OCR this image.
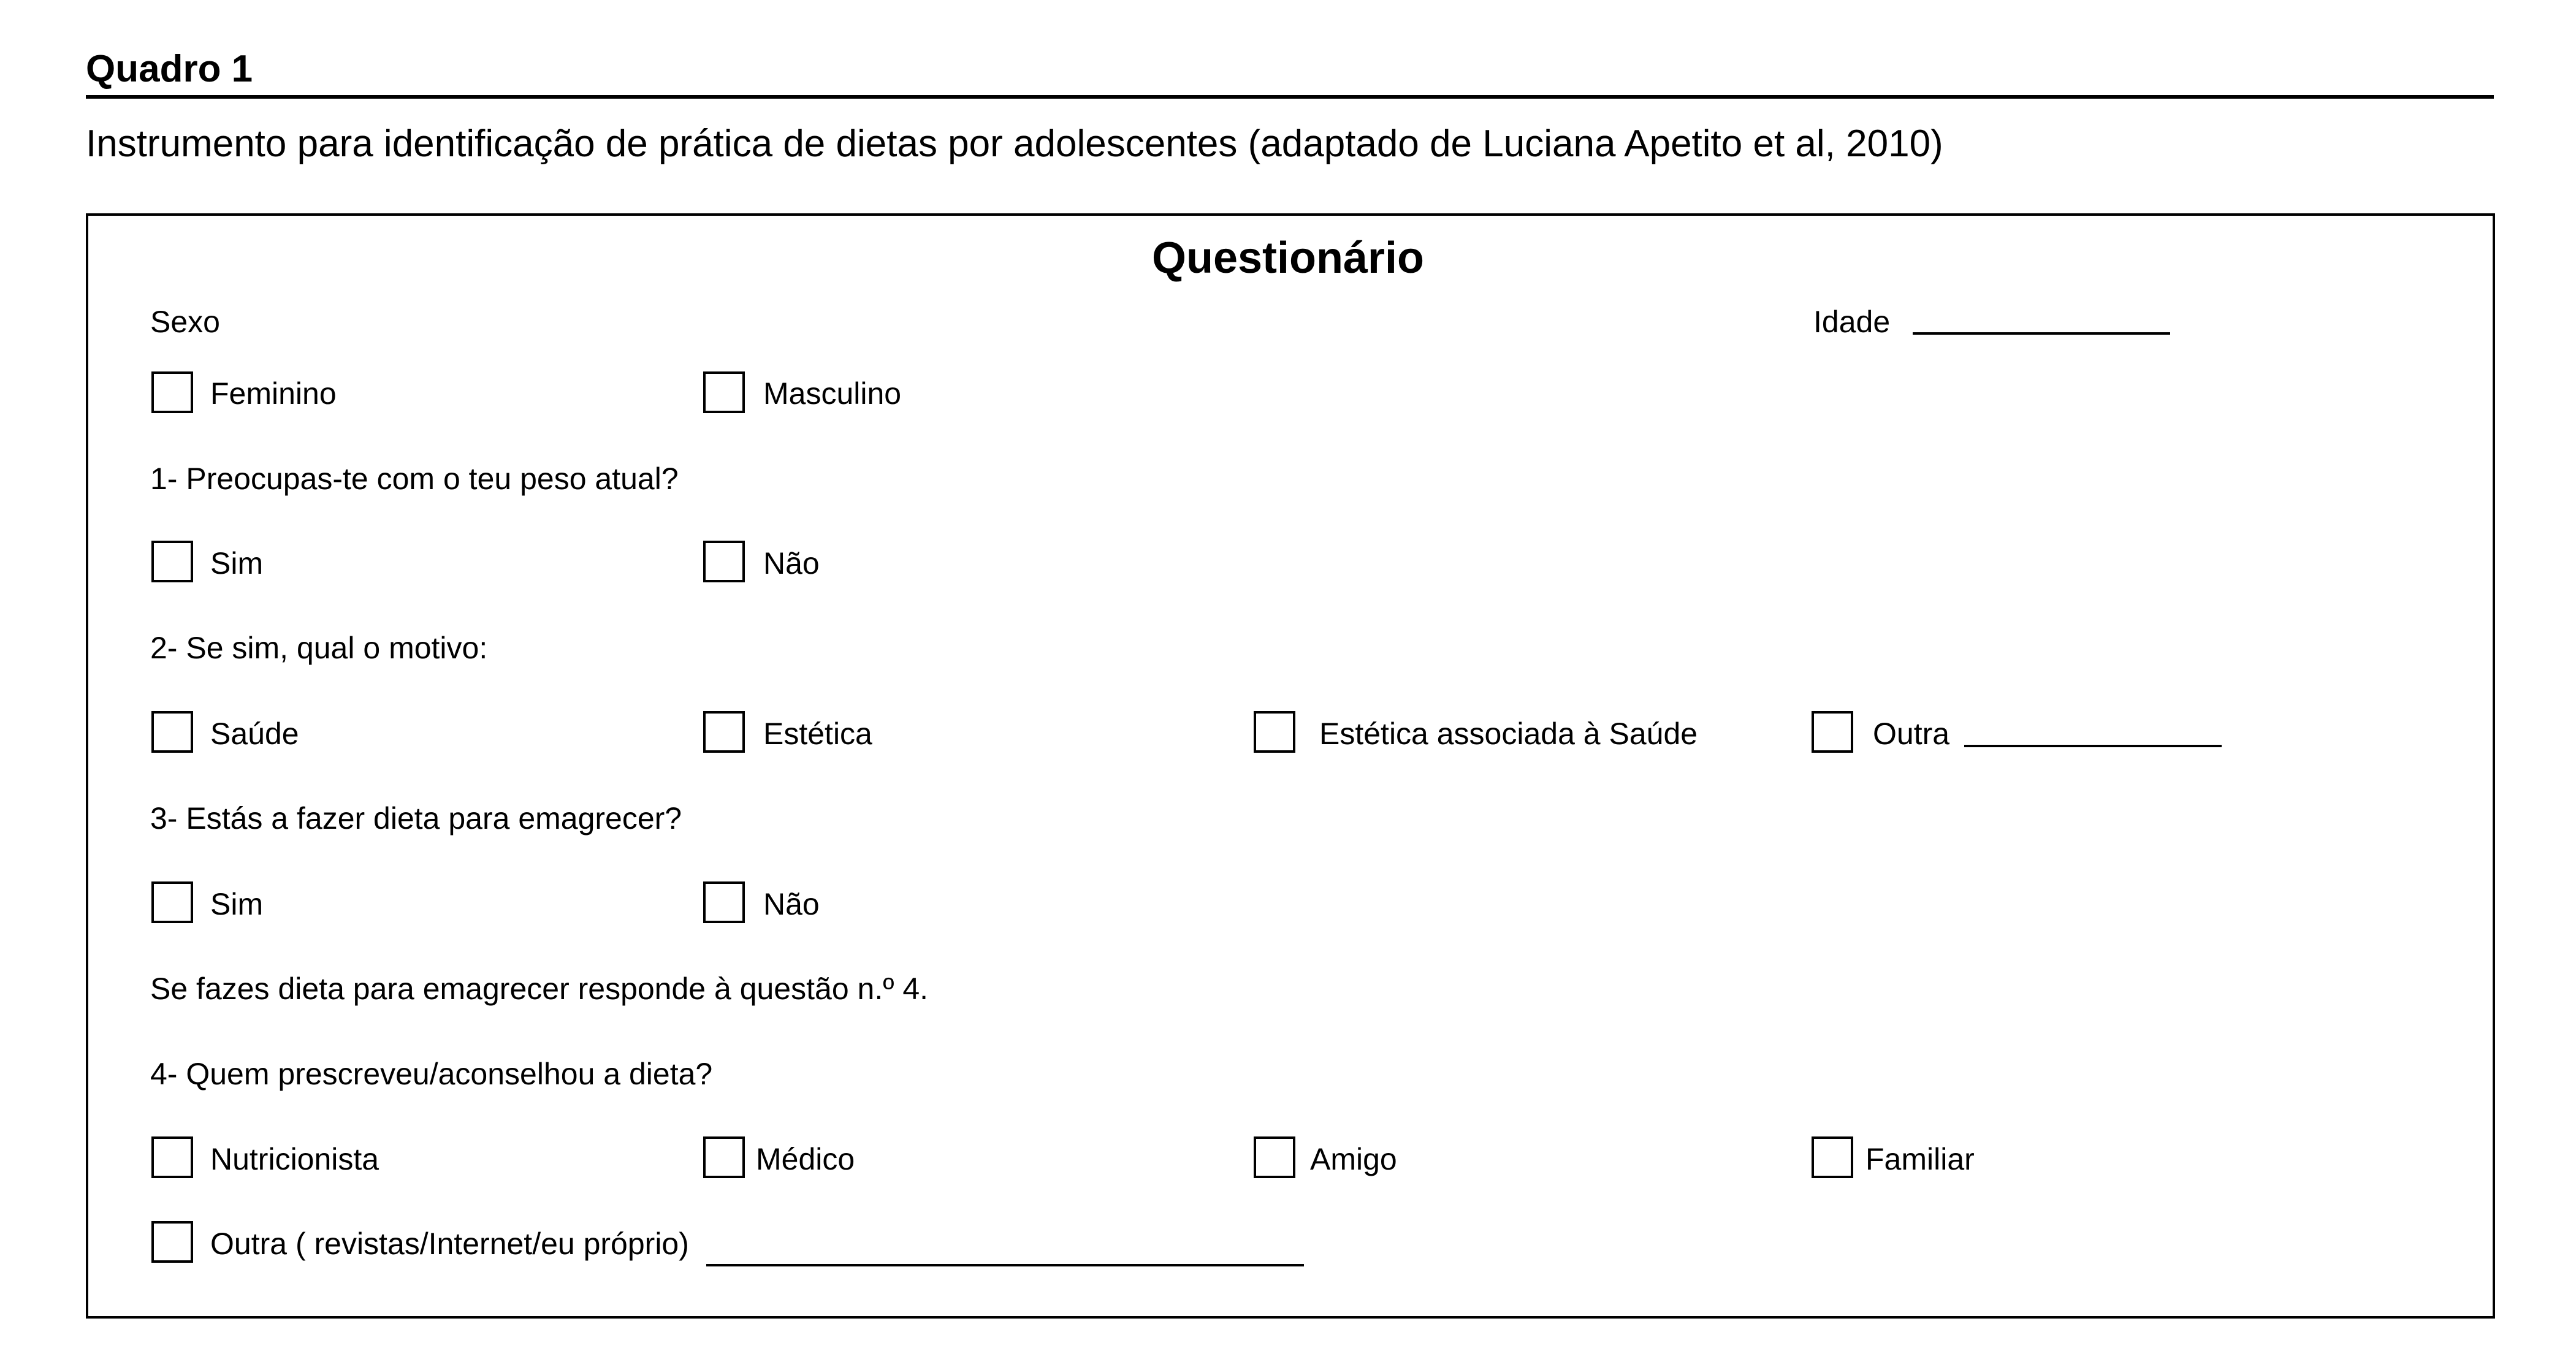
Quadro 1
Instrumento para identificação de prática de dietas por adolescentes (adaptado de Luciana Apetito et al, 2010)
Questionário
Sexo	Idade
Feminino	Masculino
1- Preocupas-te com o teu peso atual?
Sim	Não
2- Se sim, qual o motivo:
Saúde	Estética	Estética associada à Saúde	Outra
3- Estás a fazer dieta para emagrecer?
Sim	Não
Se fazes dieta para emagrecer responde à questão n.º 4.
4- Quem prescreveu/aconselhou a dieta?
Nutricionista	Médico	Amigo	Familiar
Outra ( revistas/Internet/eu próprio)
